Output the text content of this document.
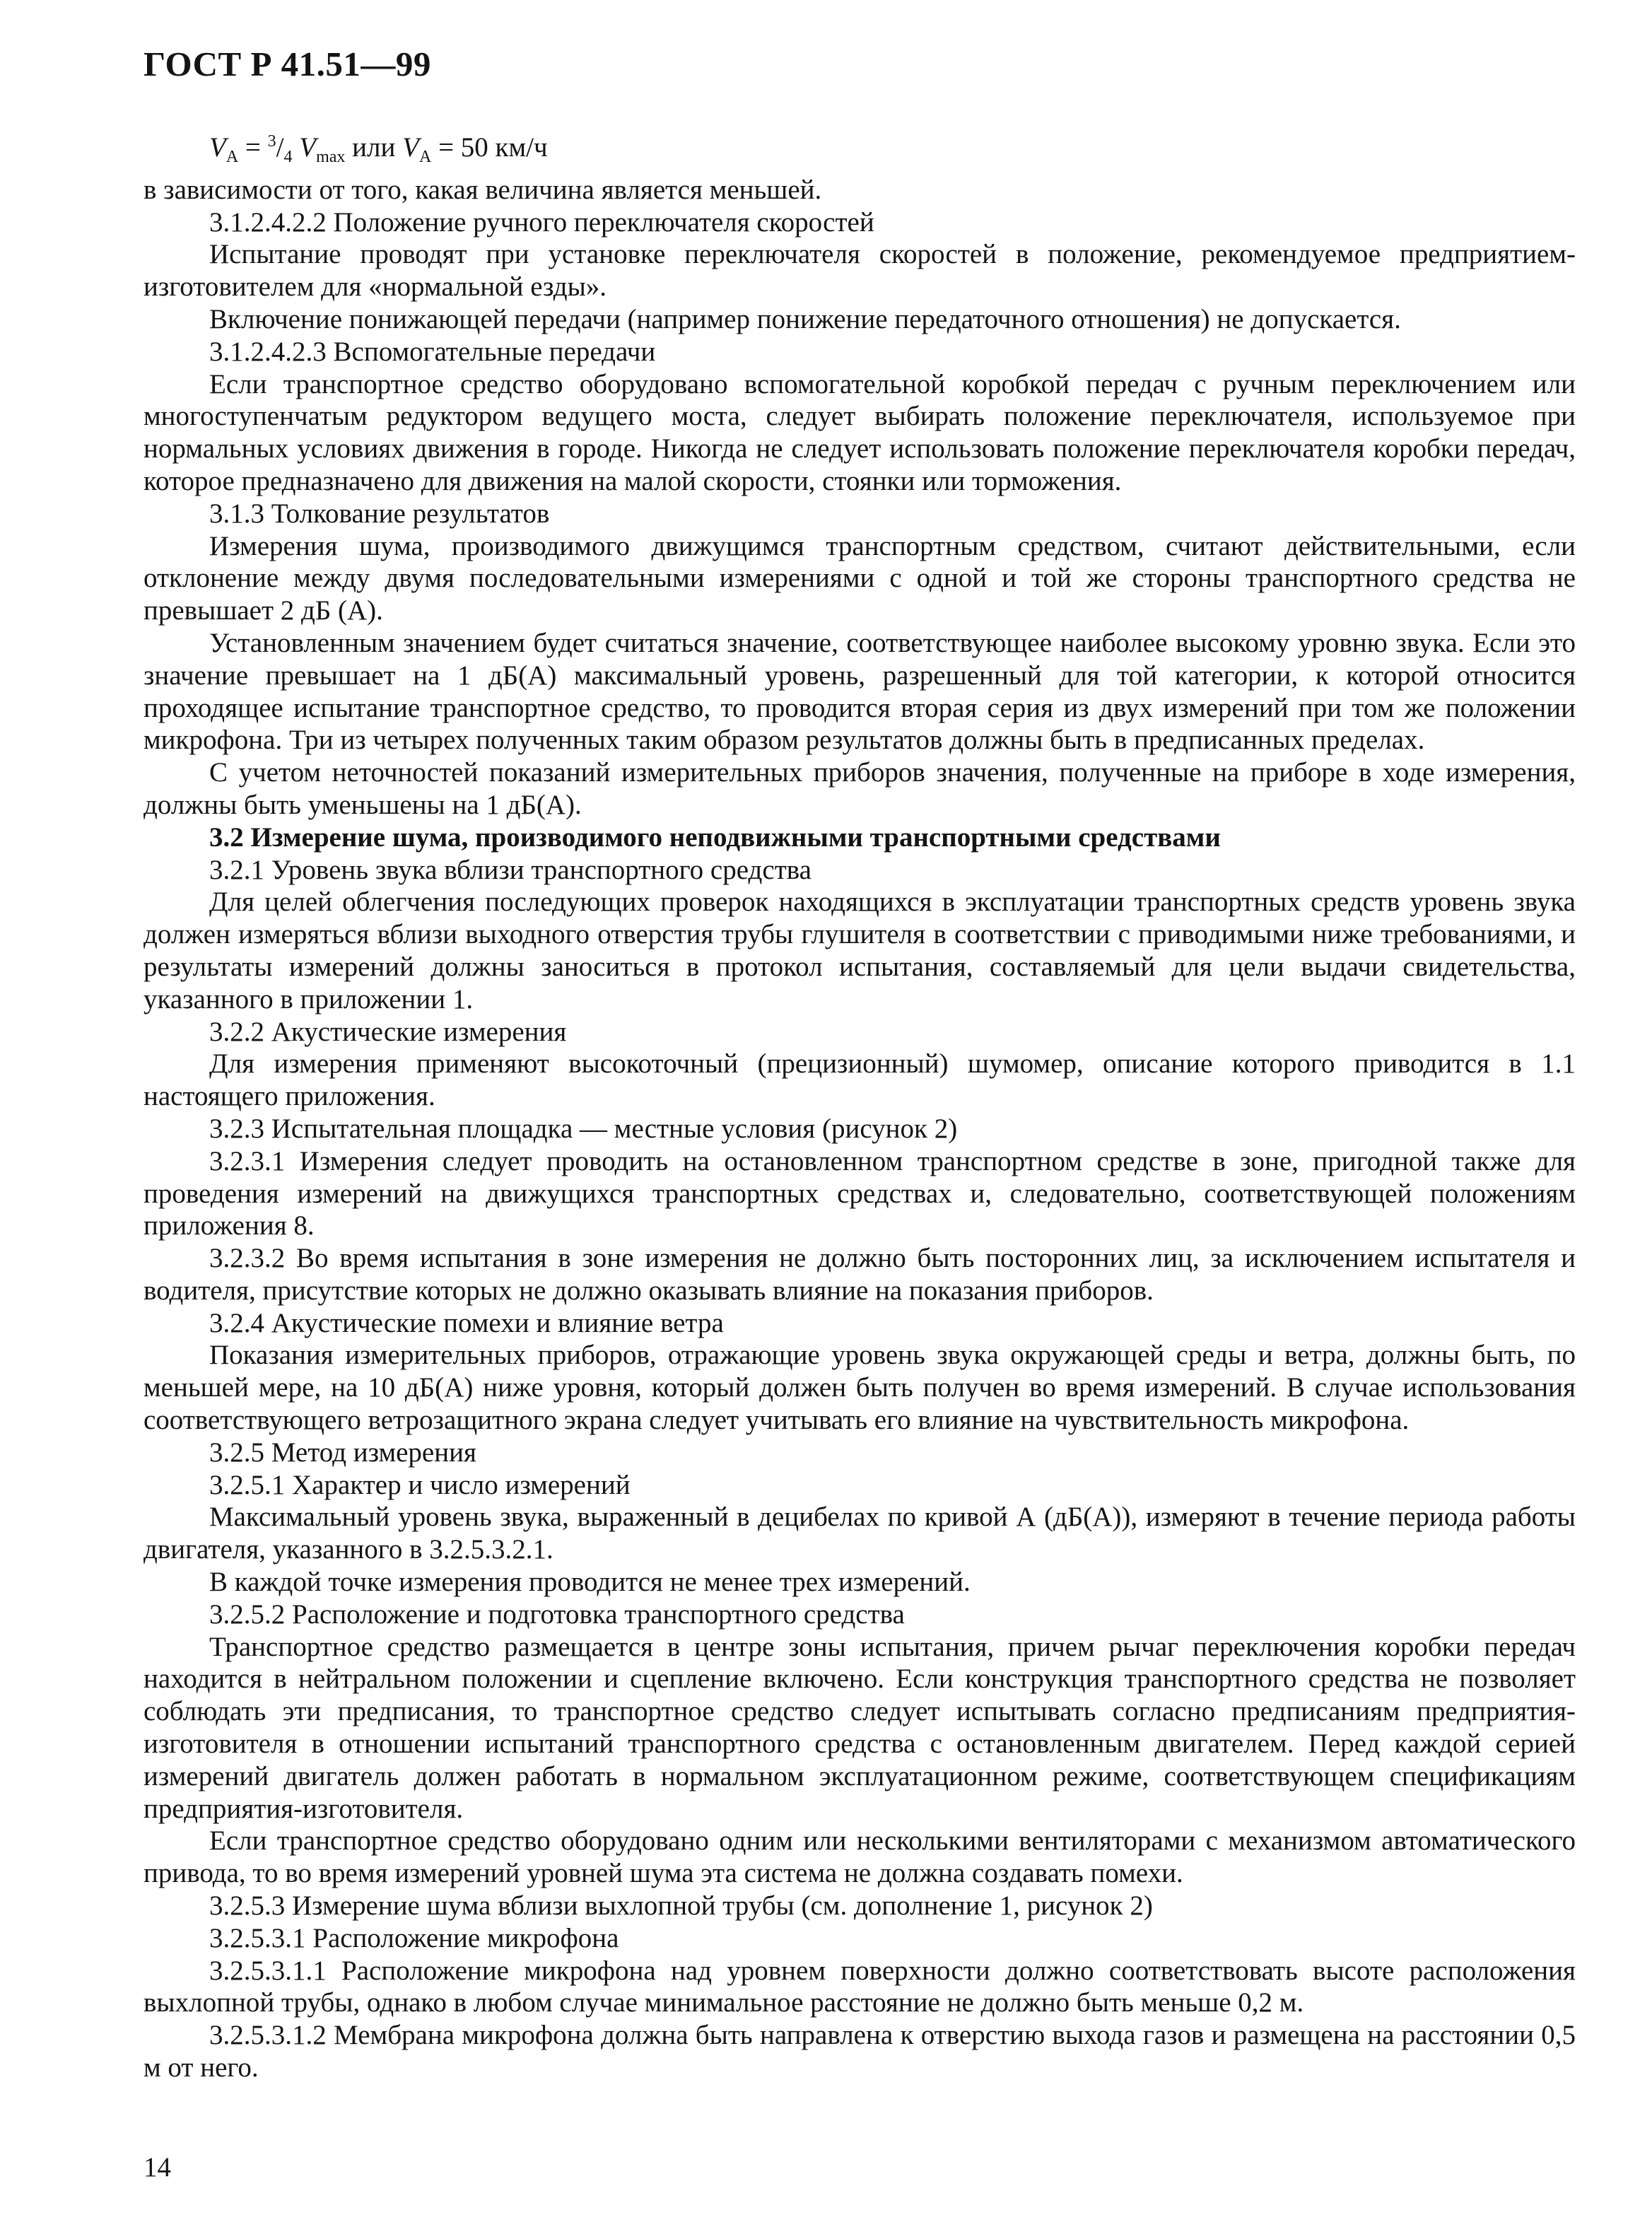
ГОСТ Р 41.51—99

$V_A = ^3/_4$ $V_{max}$ или $V_A = 50$ км/ч

в зависимости от того, какая величина является меньшей.

3.1.2.4.2.2 Положение ручного переключателя скоростей

Испытание проводят при установке переключателя скоростей в положение, рекомендуемое предприятием-изготовителем для «нормальной езды».

Включение понижающей передачи (например понижение передаточного отношения) не допускается.

3.1.2.4.2.3 Вспомогательные передачи

Если транспортное средство оборудовано вспомогательной коробкой передач с ручным переключением или многоступенчатым редуктором ведущего моста, следует выбирать положение переключателя, используемое при нормальных условиях движения в городе. Никогда не следует использовать положение переключателя коробки передач, которое предназначено для движения на малой скорости, стоянки или торможения.

3.1.3 Толкование результатов

Измерения шума, производимого движущимся транспортным средством, считают действительными, если отклонение между двумя последовательными измерениями с одной и той же стороны транспортного средства не превышает 2 дБ (А).

Установленным значением будет считаться значение, соответствующее наиболее высокому уровню звука. Если это значение превышает на 1 дБ(А) максимальный уровень, разрешенный для той категории, к которой относится проходящее испытание транспортное средство, то проводится вторая серия из двух измерений при том же положении микрофона. Три из четырех полученных таким образом результатов должны быть в предписанных пределах.

С учетом неточностей показаний измерительных приборов значения, полученные на приборе в ходе измерения, должны быть уменьшены на 1 дБ(А).

3.2 Измерение шума, производимого неподвижными транспортными средствами

3.2.1 Уровень звука вблизи транспортного средства

Для целей облегчения последующих проверок находящихся в эксплуатации транспортных средств уровень звука должен измеряться вблизи выходного отверстия трубы глушителя в соответствии с приводимыми ниже требованиями, и результаты измерений должны заноситься в протокол испытания, составляемый для цели выдачи свидетельства, указанного в приложении 1.

3.2.2 Акустические измерения

Для измерения применяют высокоточный (прецизионный) шумомер, описание которого приводится в 1.1 настоящего приложения.

3.2.3 Испытательная площадка — местные условия (рисунок 2)

3.2.3.1 Измерения следует проводить на остановленном транспортном средстве в зоне, пригодной также для проведения измерений на движущихся транспортных средствах и, следовательно, соответствующей положениям приложения 8.

3.2.3.2 Во время испытания в зоне измерения не должно быть посторонних лиц, за исключением испытателя и водителя, присутствие которых не должно оказывать влияние на показания приборов.

3.2.4 Акустические помехи и влияние ветра

Показания измерительных приборов, отражающие уровень звука окружающей среды и ветра, должны быть, по меньшей мере, на 10 дБ(А) ниже уровня, который должен быть получен во время измерений. В случае использования соответствующего ветрозащитного экрана следует учитывать его влияние на чувствительность микрофона.

3.2.5 Метод измерения

3.2.5.1 Характер и число измерений

Максимальный уровень звука, выраженный в децибелах по кривой А (дБ(А)), измеряют в течение периода работы двигателя, указанного в 3.2.5.3.2.1.

В каждой точке измерения проводится не менее трех измерений.

3.2.5.2 Расположение и подготовка транспортного средства

Транспортное средство размещается в центре зоны испытания, причем рычаг переключения коробки передач находится в нейтральном положении и сцепление включено. Если конструкция транспортного средства не позволяет соблюдать эти предписания, то транспортное средство следует испытывать согласно предписаниям предприятия-изготовителя в отношении испытаний транспортного средства с остановленным двигателем. Перед каждой серией измерений двигатель должен работать в нормальном эксплуатационном режиме, соответствующем спецификациям предприятия-изготовителя.

Если транспортное средство оборудовано одним или несколькими вентиляторами с механизмом автоматического привода, то во время измерений уровней шума эта система не должна создавать помехи.

3.2.5.3 Измерение шума вблизи выхлопной трубы (см. дополнение 1, рисунок 2)

3.2.5.3.1 Расположение микрофона

3.2.5.3.1.1 Расположение микрофона над уровнем поверхности должно соответствовать высоте расположения выхлопной трубы, однако в любом случае минимальное расстояние не должно быть меньше 0,2 м.

3.2.5.3.1.2 Мембрана микрофона должна быть направлена к отверстию выхода газов и размещена на расстоянии 0,5 м от него.

14
